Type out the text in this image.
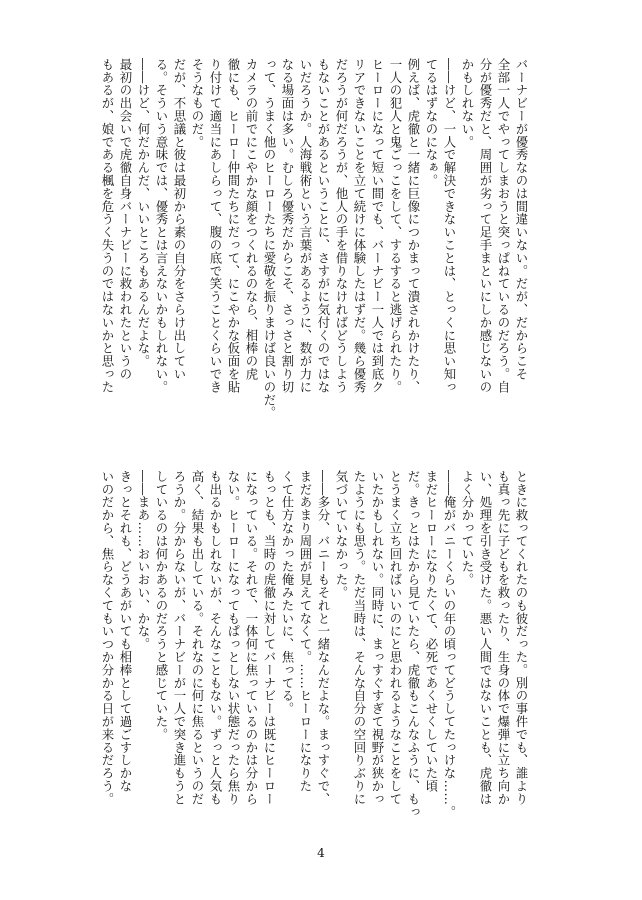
バーナビーが優秀なのは間違いない。だが、だからこそ
全部一人でやってしまおうと突っぱねているのだろう。自
分が優秀だと、周囲が劣って足手まといにしか感じないの
かもしれない。
――けど、一人で解決できないことは、とっくに思い知っ
てるはずなのになぁ。
例えば、虎徹と一緒に巨像につかまって潰されかけたり、
一人の犯人と鬼ごっこをして、するすると逃げられたり。
ヒーローになって短い間でも、バーナビー一人では到底ク
リアできないことを立て続けに体験したはずだ。幾ら優秀
だろうが何だろうが、他人の手を借りなければどうしよう
もないことがあるということに、さすがに気付くのではな
いだろうか。人海戦術という言葉があるように、数が力に
なる場面は多い。むしろ優秀だからこそ、さっさと割り切
って、うまく他のヒーローたちに愛敬を振りまけば良いのだ。
カメラの前でにこやかな顔をつくれるのなら、相棒の虎
徹にも、ヒーロー仲間たちにだって、にこやかな仮面を貼
り付けて適当にあしらって、腹の底で笑うことくらいでき
そうなものだ。
だが、不思議と彼は最初から素の自分をさらけ出してい
る。そういう意味では、優秀とは言えないかもしれない。
――けど、何だかんだ、いいところもあるんだよな。
最初の出会いで虎徹自身バーナビーに救われたというの
もあるが、娘である楓を危うく失うのではないかと思った
ときに救ってくれたのも彼だった。別の事件でも、誰より
も真っ先に子どもを救ったり、生身の体で爆弾に立ち向か
い、処理を引き受けた。悪い人間ではないことも、虎徹は
よく分かっていた。
――俺がバニーくらいの年の頃ってどうしてたっけな……。
まだヒーローになりたくて、必死であくせくしていた頃
だ。きっとはたから見ていたら、虎徹もこんなふうに、もっ
とうまく立ち回ればいいのにと思われるようなことをして
いたかもしれない。同時に、まっすぐすぎて視野が狭かっ
たようにも思う。ただ当時は、そんな自分の空回りぶりに
気づいていなかった。
――多分、バニーもそれと一緒なんだよな。まっすぐで、
まだあまり周囲が見えてなくて。……ヒーローになりた
くて仕方なかった俺みたいに、焦ってる。
もっとも、当時の虎徹に対してバーナビーは既にヒーロー
になっている。それで、一体何に焦っているのかは分から
ない。ヒーローになってもぱっとしない状態だったら焦り
も出るかもしれないが、そんなこともない。ずっと人気も
高く、結果も出している。それなのに何に焦るというのだ
ろうか。分からないが、バーナビーが一人で突き進もうと
しているのは何かあるのだろうと感じていた。
――まあ……おいおい、かな。
きっとそれも、どうあがいても相棒として過ごすしかな
いのだから、焦らなくてもいつか分かる日が来るだろう。
4
